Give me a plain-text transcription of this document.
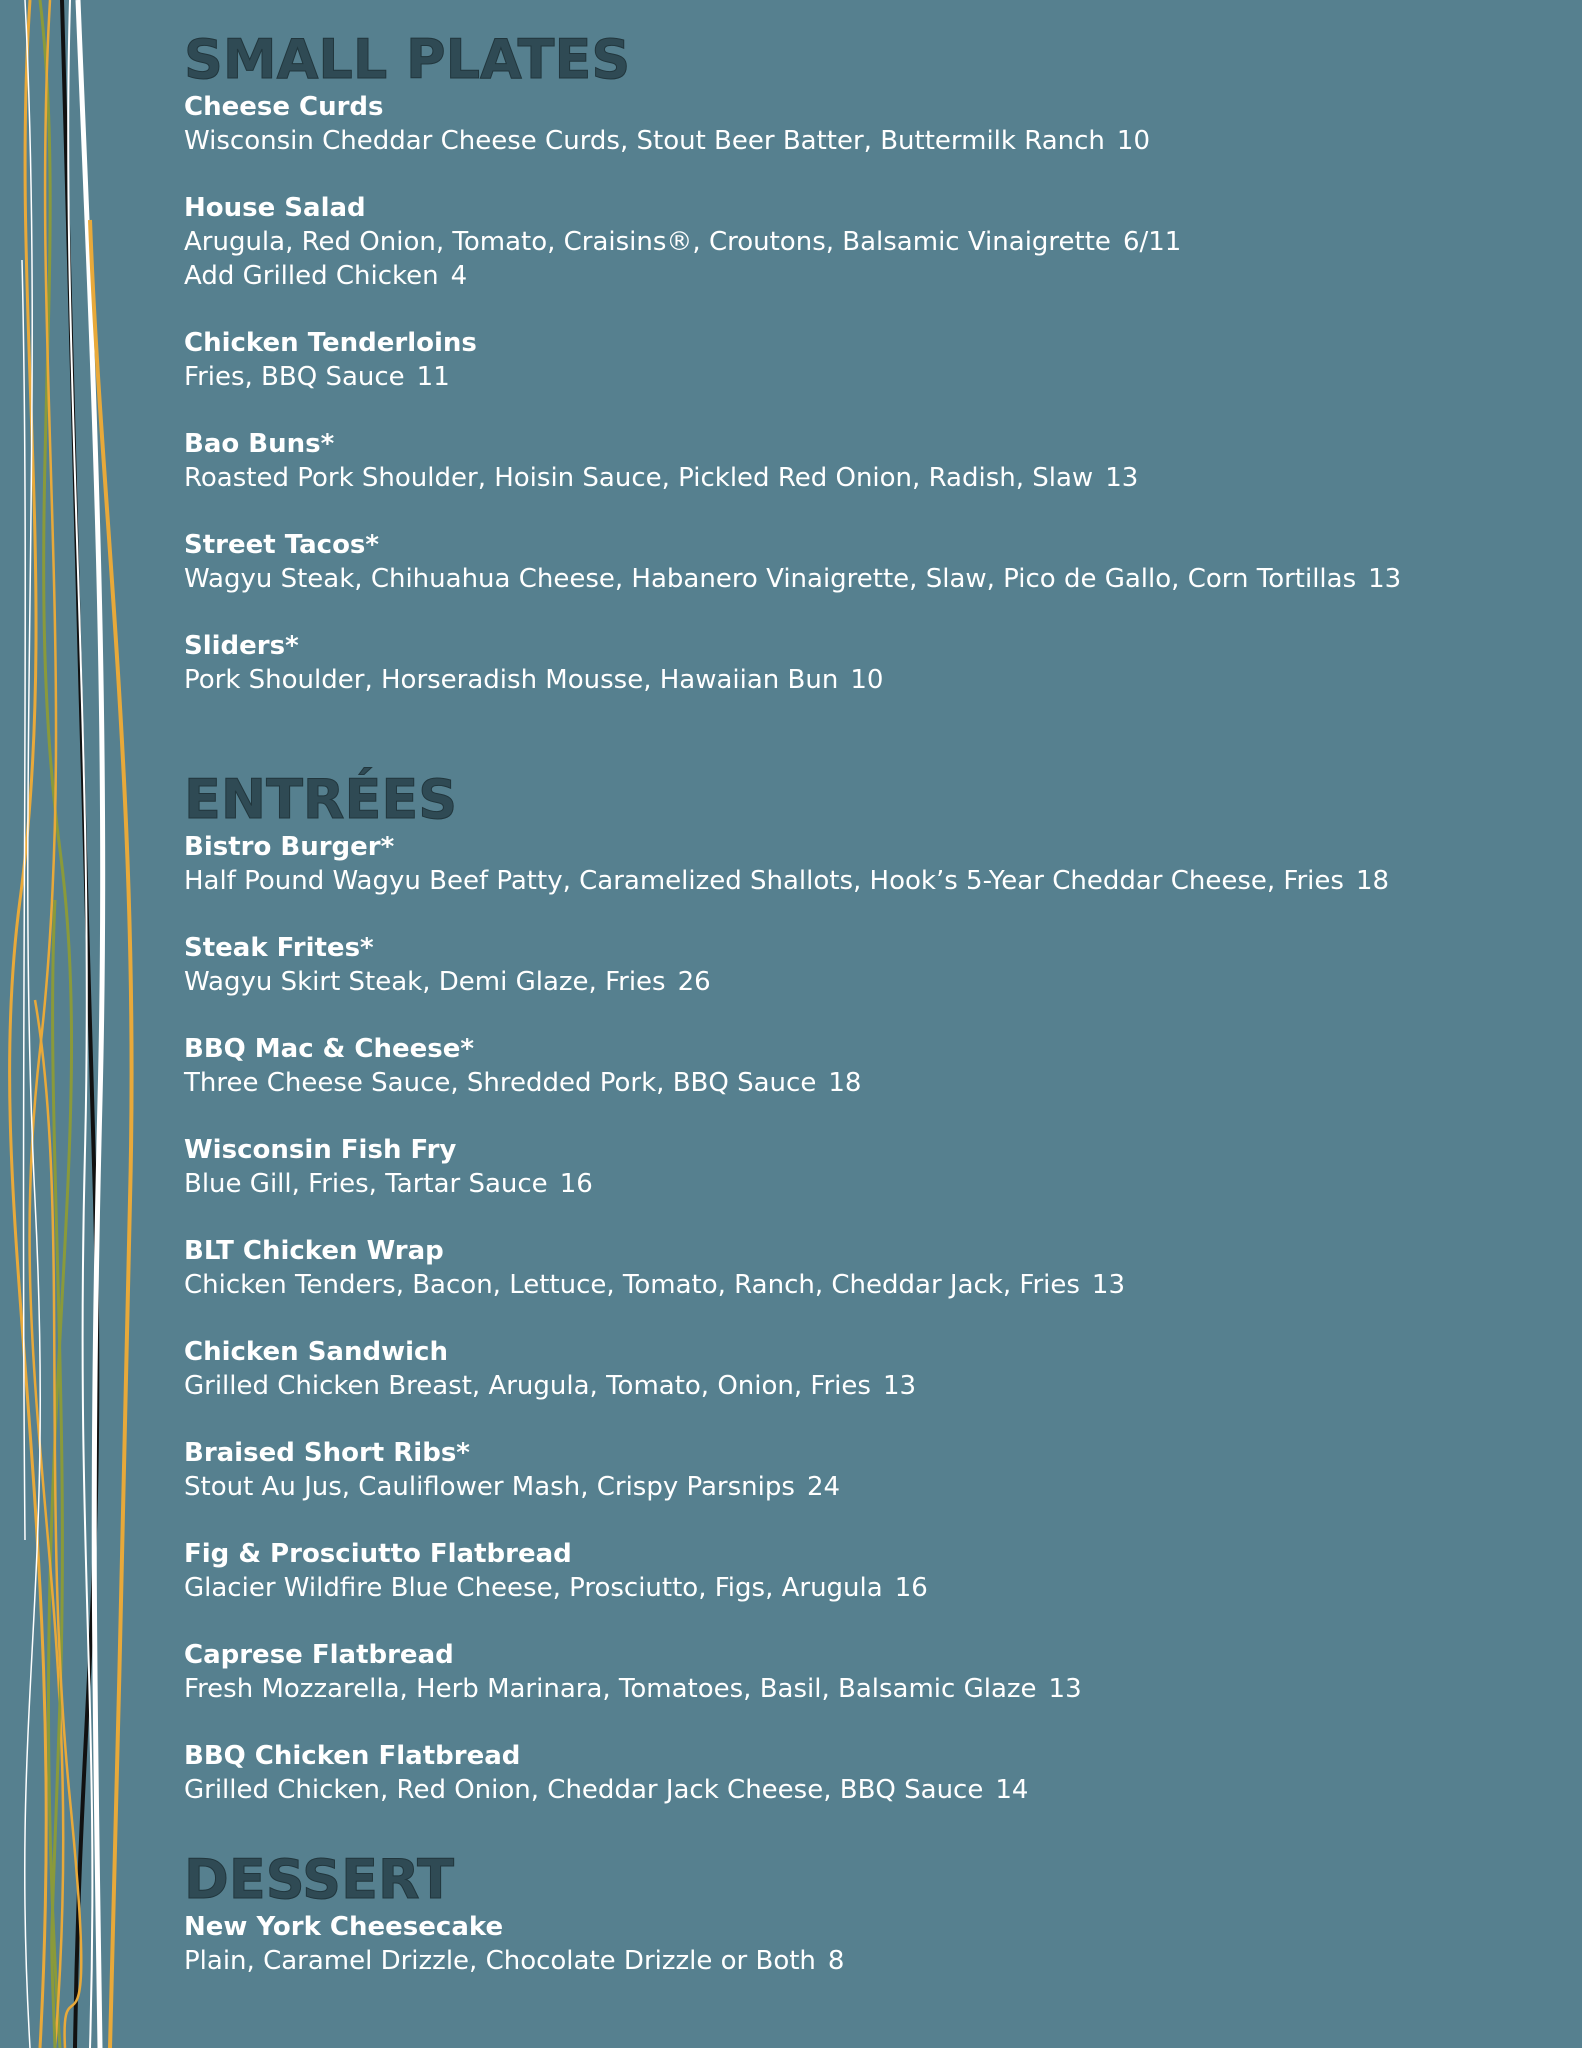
SMALL PLATES
Cheese Curds
Wisconsin Cheddar Cheese Curds, Stout Beer Batter, Buttermilk Ranch 10
House Salad
Arugula, Red Onion, Tomato, Craisins®, Croutons, Balsamic Vinaigrette 6/11
Add Grilled Chicken 4
Chicken Tenderloins
Fries, BBQ Sauce 11
Bao Buns*
Roasted Pork Shoulder, Hoisin Sauce, Pickled Red Onion, Radish, Slaw 13
Street Tacos*
Wagyu Steak, Chihuahua Cheese, Habanero Vinaigrette, Slaw, Pico de Gallo, Corn Tortillas 13
Sliders*
Pork Shoulder, Horseradish Mousse, Hawaiian Bun 10
ENTRÉES
Bistro Burger*
Half Pound Wagyu Beef Patty, Caramelized Shallots, Hook’s 5-Year Cheddar Cheese, Fries 18
Steak Frites*
Wagyu Skirt Steak, Demi Glaze, Fries 26
BBQ Mac & Cheese*
Three Cheese Sauce, Shredded Pork, BBQ Sauce 18
Wisconsin Fish Fry
Blue Gill, Fries, Tartar Sauce 16
BLT Chicken Wrap
Chicken Tenders, Bacon, Lettuce, Tomato, Ranch, Cheddar Jack, Fries 13
Chicken Sandwich
Grilled Chicken Breast, Arugula, Tomato, Onion, Fries 13
Braised Short Ribs*
Stout Au Jus, Cauliflower Mash, Crispy Parsnips 24
Fig & Prosciutto Flatbread
Glacier Wildfire Blue Cheese, Prosciutto, Figs, Arugula 16
Caprese Flatbread
Fresh Mozzarella, Herb Marinara, Tomatoes, Basil, Balsamic Glaze 13
BBQ Chicken Flatbread
Grilled Chicken, Red Onion, Cheddar Jack Cheese, BBQ Sauce 14
DESSERT
New York Cheesecake
Plain, Caramel Drizzle, Chocolate Drizzle or Both 8
